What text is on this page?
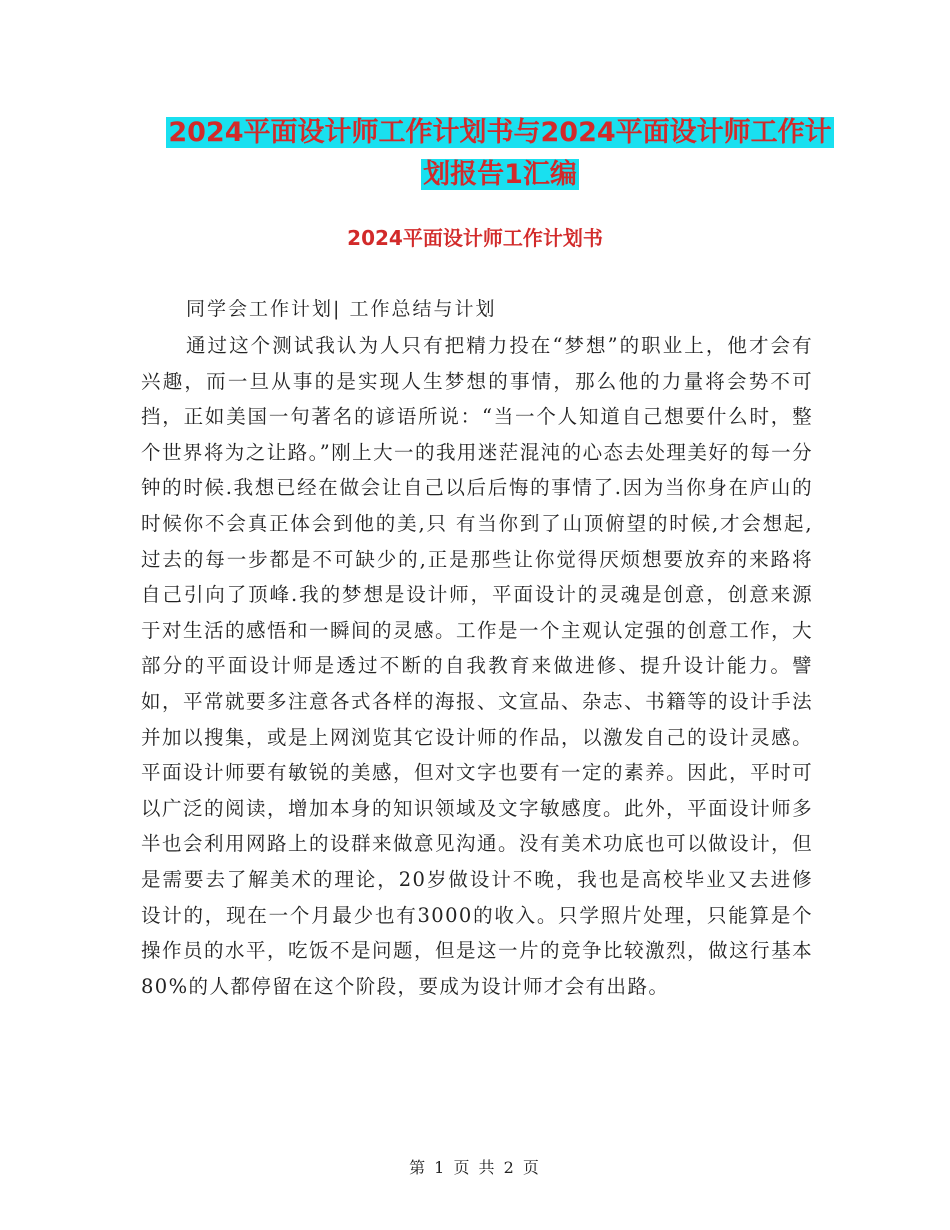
2024平面设计师工作计划书与2024平面设计师工作计
划报告1汇编
2024平面设计师工作计划书
同学会工作计划| 工作总结与计划

通过这个测试我认为人只有把精力投在“梦想”的职业上，他才会有兴趣，而一旦从事的是实现人生梦想的事情，那么他的力量将会势不可挡，正如美国一句著名的谚语所说：“当一个人知道自己想要什么时，整个世界将为之让路。”刚上大一的我用迷茫混沌的心态去处理美好的每一分钟的时候.我想已经在做会让自己以后后悔的事情了.因为当你身在庐山的时候你不会真正体会到他的美,只 有当你到了山顶俯望的时候,才会想起,过去的每一步都是不可缺少的,正是那些让你觉得厌烦想要放弃的来路将自己引向了顶峰.我的梦想是设计师，平面设计的灵魂是创意，创意来源于对生活的感悟和一瞬间的灵感。工作是一个主观认定强的创意工作，大部分的平面设计师是透过不断的自我教育来做进修、提升设计能力。譬如，平常就要多注意各式各样的海报、文宣品、杂志、书籍等的设计手法并加以搜集，或是上网浏览其它设计师的作品，以激发自己的设计灵感。平面设计师要有敏锐的美感，但对文字也要有一定的素养。因此，平时可以广泛的阅读，增加本身的知识领域及文字敏感度。此外，平面设计师多半也会利用网路上的设群来做意见沟通。没有美术功底也可以做设计，但是需要去了解美术的理论，20岁做设计不晚，我也是高校毕业又去进修设计的，现在一个月最少也有3000的收入。只学照片处理，只能算是个操作员的水平，吃饭不是问题，但是这一片的竞争比较激烈，做这行基本80%的人都停留在这个阶段，要成为设计师才会有出路。

第 1 页 共 2 页
